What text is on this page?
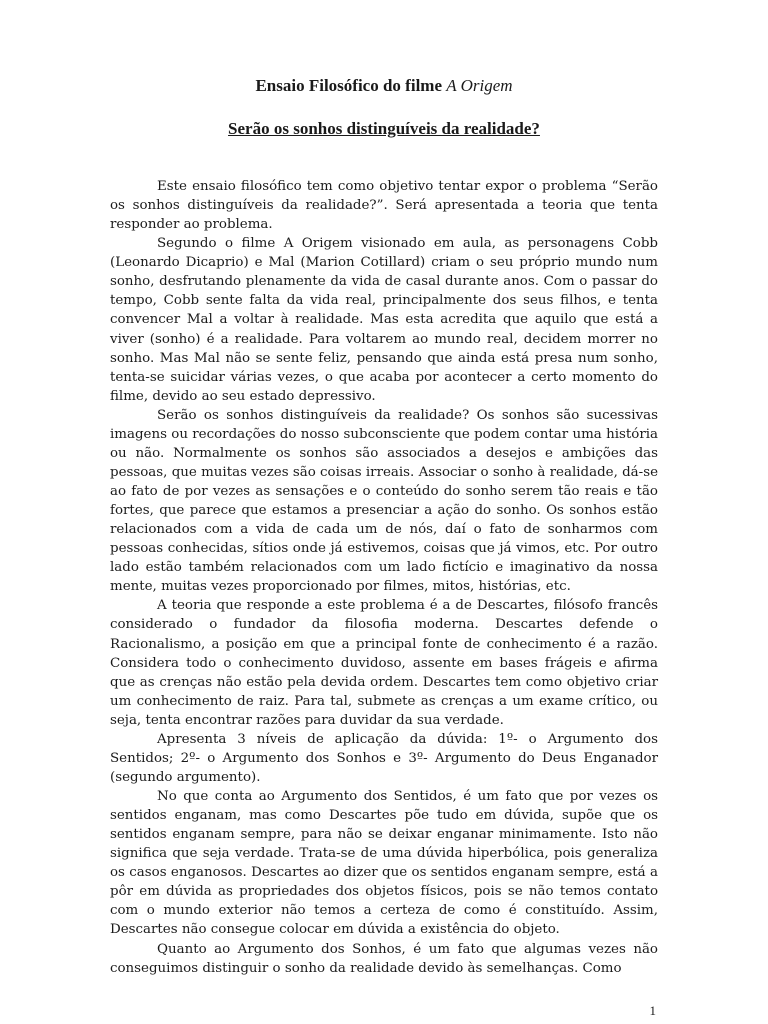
Ensaio Filosófico do filme A Origem
Serão os sonhos distinguíveis da realidade?

Este ensaio filosófico tem como objetivo tentar expor o problema “Serão os sonhos distinguíveis da realidade?”. Será apresentada a teoria que tenta responder ao problema.

Segundo o filme A Origem visionado em aula, as personagens Cobb (Leonardo Dicaprio) e Mal (Marion Cotillard) criam o seu próprio mundo num sonho, desfrutando plenamente da vida de casal durante anos. Com o passar do tempo, Cobb sente falta da vida real, principalmente dos seus filhos, e tenta convencer Mal a voltar à realidade. Mas esta acredita que aquilo que está a viver (sonho) é a realidade. Para voltarem ao mundo real, decidem morrer no sonho. Mas Mal não se sente feliz, pensando que ainda está presa num sonho, tenta-se suicidar várias vezes, o que acaba por acontecer a certo momento do filme, devido ao seu estado depressivo.

Serão os sonhos distinguíveis da realidade? Os sonhos são sucessivas imagens ou recordações do nosso subconsciente que podem contar uma história ou não. Normalmente os sonhos são associados a desejos e ambições das pessoas, que muitas vezes são coisas irreais. Associar o sonho à realidade, dá-se ao fato de por vezes as sensações e o conteúdo do sonho serem tão reais e tão fortes, que parece que estamos a presenciar a ação do sonho. Os sonhos estão relacionados com a vida de cada um de nós, daí o fato de sonharmos com pessoas conhecidas, sítios onde já estivemos, coisas que já vimos, etc. Por outro lado estão também relacionados com um lado fictício e imaginativo da nossa mente, muitas vezes proporcionado por filmes, mitos, histórias, etc.

A teoria que responde a este problema é a de Descartes, filósofo francês considerado o fundador da filosofia moderna. Descartes defende o Racionalismo, a posição em que a principal fonte de conhecimento é a razão. Considera todo o conhecimento duvidoso, assente em bases frágeis e afirma que as crenças não estão pela devida ordem. Descartes tem como objetivo criar um conhecimento de raiz. Para tal, submete as crenças a um exame crítico, ou seja, tenta encontrar razões para duvidar da sua verdade.

Apresenta 3 níveis de aplicação da dúvida: 1º- o Argumento dos Sentidos; 2º- o Argumento dos Sonhos e 3º- Argumento do Deus Enganador (segundo argumento).

No que conta ao Argumento dos Sentidos, é um fato que por vezes os sentidos enganam, mas como Descartes põe tudo em dúvida, supõe que os sentidos enganam sempre, para não se deixar enganar minimamente. Isto não significa que seja verdade. Trata-se de uma dúvida hiperbólica, pois generaliza os casos enganosos. Descartes ao dizer que os sentidos enganam sempre, está a pôr em dúvida as propriedades dos objetos físicos, pois se não temos contato com o mundo exterior não temos a certeza de como é constituído. Assim, Descartes não consegue colocar em dúvida a existência do objeto.

Quanto ao Argumento dos Sonhos, é um fato que algumas vezes não conseguimos distinguir o sonho da realidade devido às semelhanças. Como

1
